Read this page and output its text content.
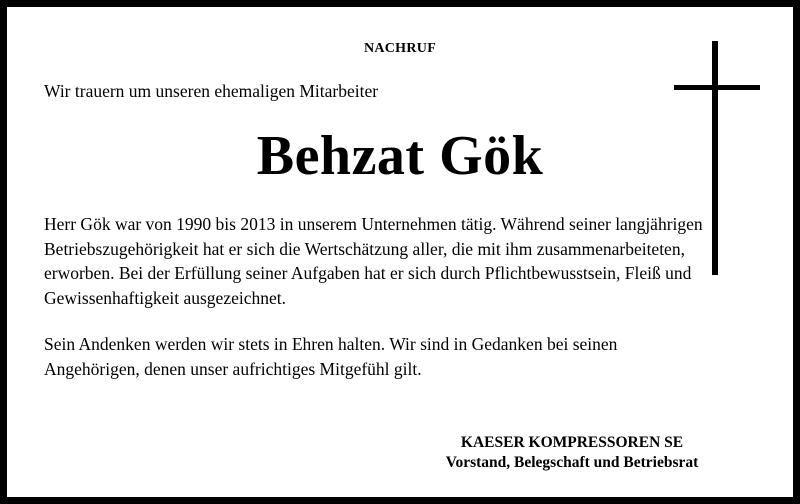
NACHRUF
Wir trauern um unseren ehemaligen Mitarbeiter
Behzat Gök

Herr Gök war von 1990 bis 2013 in unserem Unternehmen tätig. Während seiner langjährigen Betriebszugehörigkeit hat er sich die Wertschätzung aller, die mit ihm zusammenarbeiteten, erworben. Bei der Erfüllung seiner Aufgaben hat er sich durch Pflichtbewusstsein, Fleiß und Gewissenhaftigkeit ausgezeichnet.

Sein Andenken werden wir stets in Ehren halten. Wir sind in Gedanken bei seinen Angehörigen, denen unser aufrichtiges Mitgefühl gilt.

KAESER KOMPRESSOREN SE
Vorstand, Belegschaft und Betriebsrat
